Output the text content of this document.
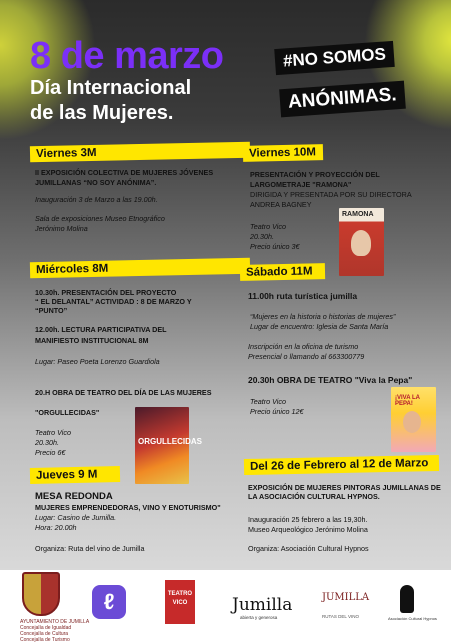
8 de marzo
Día Internacional
de las Mujeres.
#NO SOMOS
ANÓNIMAS.
Viernes 3M
II EXPOSICIÓN COLECTIVA DE MUJERES JÓVENES JUMILLANAS “NO SOY ANÓNIMA”.
Inauguración 3 de Marzo a las 19.00h.
Sala de exposiciones Museo Etnográfico
Jerónimo Molina
Miércoles 8M
10.30h. PRESENTACIÓN DEL PROYECTO
“ EL DELANTAL” ACTIVIDAD : 8 DE MARZO Y
“PUNTO”
12.00h. LECTURA PARTICIPATIVA DEL
MANIFIESTO INSTITUCIONAL 8M
Lugar: Paseo Poeta Lorenzo Guardiola
20.H OBRA DE TEATRO DEL DÍA DE LAS MUJERES
"ORGULLECIDAS"
Teatro Vico
20.30h.
Precio 6€
ORGULLECIDAS
Jueves 9 M
MESA REDONDA
MUJERES EMPRENDEDORAS, VINO Y ENOTURISMO"
Lugar: Casino de Jumilla.
Hora: 20.00h
Organiza: Ruta del vino de Jumilla
Viernes 10M
PRESENTACIÓN Y PROYECCIÓN DEL
LARGOMETRAJE "RAMONA"
DIRIGIDA Y PRESENTADA POR SU DIRECTORA
ANDREA BAGNEY
Teatro Vico
20.30h.
Precio único 3€
RAMONA
Sábado 11M
11.00h ruta turística jumilla
“Mujeres en la historia o historias de mujeres”
Lugar de encuentro: Iglesia de Santa María
Inscripción en la oficina de turismo
Presencial o llamando al 663300779
20.30h OBRA DE TEATRO "Viva la Pepa"
Teatro Vico
Precio único 12€
¡VIVA LA PEPA!
Del 26 de Febrero al 12 de Marzo
EXPOSICIÓN DE MUJERES PINTORAS JUMILLANAS DE
LA ASOCIACIÓN CULTURAL HYPNOS.
Inauguración 25 febrero a las 19,30h.
Museo Arqueológico Jerónimo Molina
Organiza: Asociación Cultural Hypnos
AYUNTAMIENTO DE JUMILLA
Concejalía de Igualdad
Concejalía de Cultura
Concejalía de Turismo
ℓ	TEATRO
VICO	Jumilla
abierta y generosa
JUMILLA
RUTAS DEL VINO	Asociación Cultural Hypnos
